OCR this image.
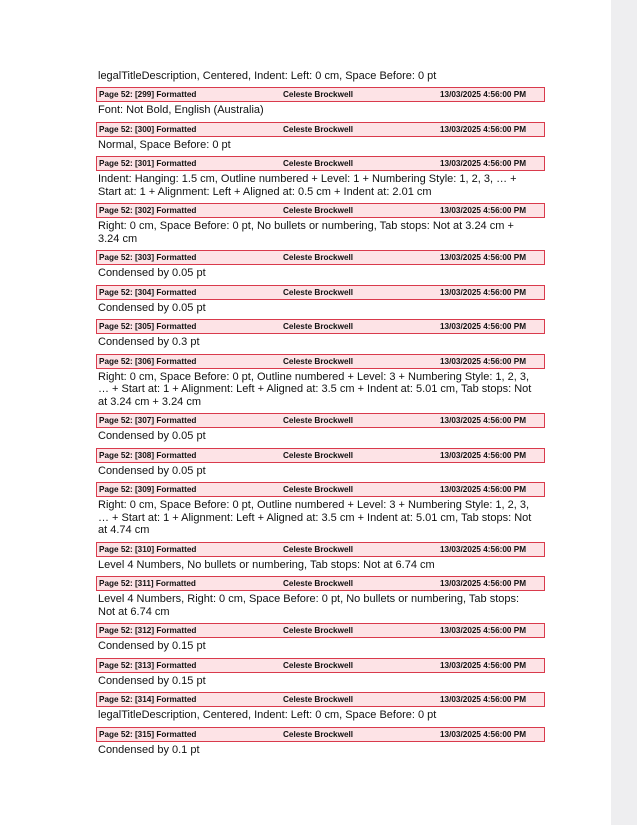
legalTitleDescription, Centered, Indent: Left: 0 cm, Space Before: 0 pt
Page 52: [299] Formatted	Celeste Brockwell	13/03/2025 4:56:00 PM
Font: Not Bold, English (Australia)
Page 52: [300] Formatted	Celeste Brockwell	13/03/2025 4:56:00 PM
Normal, Space Before: 0 pt
Page 52: [301] Formatted	Celeste Brockwell	13/03/2025 4:56:00 PM
Indent: Hanging: 1.5 cm, Outline numbered + Level: 1 + Numbering Style: 1, 2, 3, … + Start at: 1 + Alignment: Left + Aligned at: 0.5 cm + Indent at: 2.01 cm
Page 52: [302] Formatted	Celeste Brockwell	13/03/2025 4:56:00 PM
Right: 0 cm, Space Before: 0 pt, No bullets or numbering, Tab stops: Not at 3.24 cm + 3.24 cm
Page 52: [303] Formatted	Celeste Brockwell	13/03/2025 4:56:00 PM
Condensed by 0.05 pt
Page 52: [304] Formatted	Celeste Brockwell	13/03/2025 4:56:00 PM
Condensed by 0.05 pt
Page 52: [305] Formatted	Celeste Brockwell	13/03/2025 4:56:00 PM
Condensed by 0.3 pt
Page 52: [306] Formatted	Celeste Brockwell	13/03/2025 4:56:00 PM
Right: 0 cm, Space Before: 0 pt, Outline numbered + Level: 3 + Numbering Style: 1, 2, 3, … + Start at: 1 + Alignment: Left + Aligned at: 3.5 cm + Indent at: 5.01 cm, Tab stops: Not at 3.24 cm + 3.24 cm
Page 52: [307] Formatted	Celeste Brockwell	13/03/2025 4:56:00 PM
Condensed by 0.05 pt
Page 52: [308] Formatted	Celeste Brockwell	13/03/2025 4:56:00 PM
Condensed by 0.05 pt
Page 52: [309] Formatted	Celeste Brockwell	13/03/2025 4:56:00 PM
Right: 0 cm, Space Before: 0 pt, Outline numbered + Level: 3 + Numbering Style: 1, 2, 3, … + Start at: 1 + Alignment: Left + Aligned at: 3.5 cm + Indent at: 5.01 cm, Tab stops: Not at 4.74 cm
Page 52: [310] Formatted	Celeste Brockwell	13/03/2025 4:56:00 PM
Level 4 Numbers, No bullets or numbering, Tab stops: Not at 6.74 cm
Page 52: [311] Formatted	Celeste Brockwell	13/03/2025 4:56:00 PM
Level 4 Numbers, Right: 0 cm, Space Before: 0 pt, No bullets or numbering, Tab stops: Not at 6.74 cm
Page 52: [312] Formatted	Celeste Brockwell	13/03/2025 4:56:00 PM
Condensed by 0.15 pt
Page 52: [313] Formatted	Celeste Brockwell	13/03/2025 4:56:00 PM
Condensed by 0.15 pt
Page 52: [314] Formatted	Celeste Brockwell	13/03/2025 4:56:00 PM
legalTitleDescription, Centered, Indent: Left: 0 cm, Space Before: 0 pt
Page 52: [315] Formatted	Celeste Brockwell	13/03/2025 4:56:00 PM
Condensed by 0.1 pt
